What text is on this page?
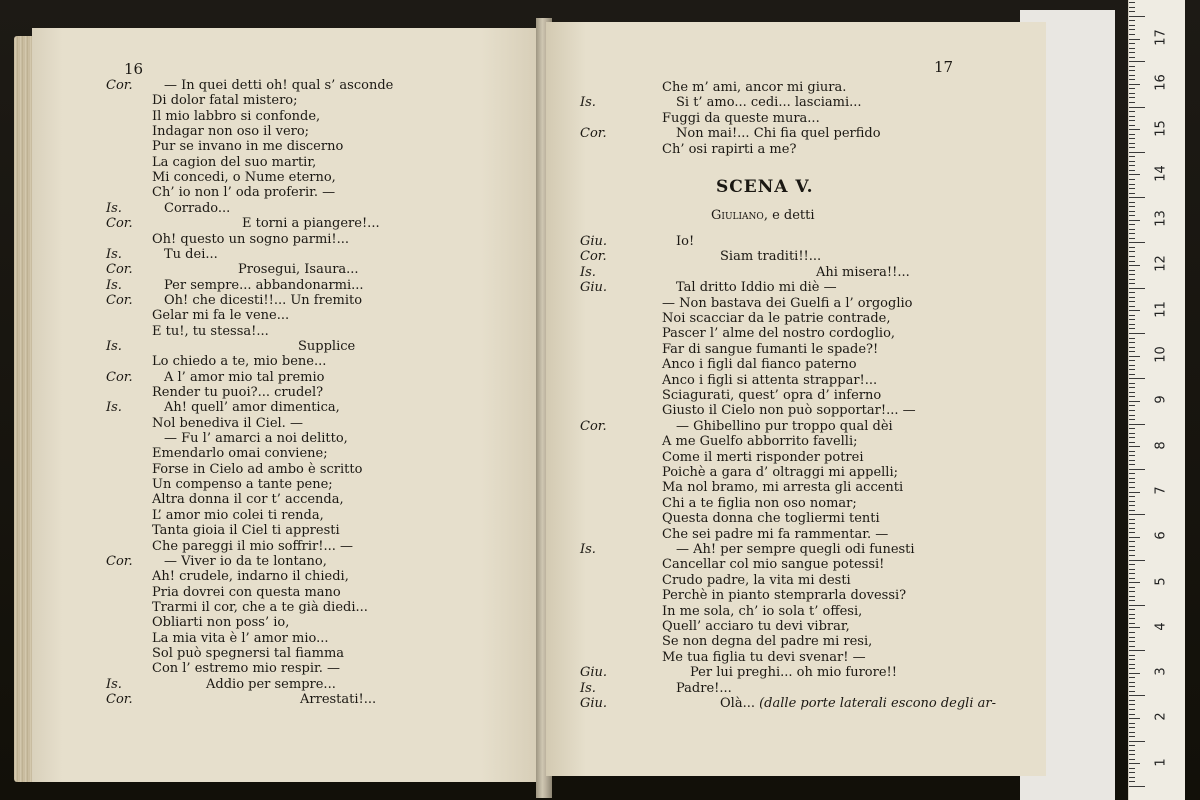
16
Cor. — In quei detti oh! qual s’ asconde
Di dolor fatal mistero;
Il mio labbro si confonde,
Indagar non oso il vero;
Pur se invano in me discerno
La cagion del suo martir,
Mi concedi, o Nume eterno,
Ch’ io non l’ oda proferir. —
Is.	Corrado...
Cor.	E torni a piangere!...
Oh! questo un sogno parmi!...
Is.	Tu dei...
Cor.	Prosegui, Isaura...
Is.	Per sempre... abbandonarmi...
Cor. Oh! che dicesti!!... Un fremito
Gelar mi fa le vene...
E tu!, tu stessa!...
Is.	Supplice
Lo chiedo a te, mio bene...
Cor. A l’ amor mio tal premio
Render tu puoi?... crudel?
Is.	Ah! quell’ amor dimentica,
Nol benediva il Ciel. —
— Fu l’ amarci a noi delitto,
Emendarlo omai conviene;
Forse in Cielo ad ambo è scritto
Un compenso a tante pene;
Altra donna il cor t’ accenda,
L’ amor mio colei ti renda,
Tanta gioia il Ciel ti appresti
Che pareggi il mio soffrir!... —
Cor. — Viver io da te lontano,
Ah! crudele, indarno il chiedi,
Pria dovrei con questa mano
Trarmi il cor, che a te già diedi...
Obliarti non poss’ io,
La mia vita è l’ amor mio...
Sol può spegnersi tal fiamma
Con l’ estremo mio respir. —
Is.	Addio per sempre...
Cor.	Arrestati!...
17
Che m’ ami, ancor mi giura.
Is.	Si t’ amo... cedi... lasciami...
Fuggi da queste mura...
Cor.	Non mai!... Chi fia quel perfido
Ch’ osi rapirti a me?
SCENA V.
Giuliano, e detti
Giu.	Io!
Cor.	Siam traditi!!...
Is.	Ahi misera!!...
Giu.	Tal dritto Iddio mi diè —
— Non bastava dei Guelfi a l’ orgoglio
Noi scacciar da le patrie contrade,
Pascer l’ alme del nostro cordoglio,
Far di sangue fumanti le spade?!
Anco i figli dal fianco paterno
Anco i figli si attenta strappar!...
Sciagurati, quest’ opra d’ inferno
Giusto il Cielo non può sopportar!... —
Cor.	— Ghibellino pur troppo qual dèi
A me Guelfo abborrito favelli;
Come il merti risponder potrei
Poichè a gara d’ oltraggi mi appelli;
Ma nol bramo, mi arresta gli accenti
Chi a te figlia non oso nomar;
Questa donna che togliermi tenti
Che sei padre mi fa rammentar. —
Is.	— Ah! per sempre quegli odi funesti
Cancellar col mio sangue potessi!
Crudo padre, la vita mi desti
Perchè in pianto stemprarla dovessi?
In me sola, ch’ io sola t’ offesi,
Quell’ acciaro tu devi vibrar,
Se non degna del padre mi resi,
Me tua figlia tu devi svenar! —
Giu.	Per lui preghi... oh mio furore!!
Is.	Padre!...
Giu.	Olà... (dalle porte laterali escono degli ar-
17
16
15
14
13
12
11
10
9
8
7
6
5
4
3
2
1
